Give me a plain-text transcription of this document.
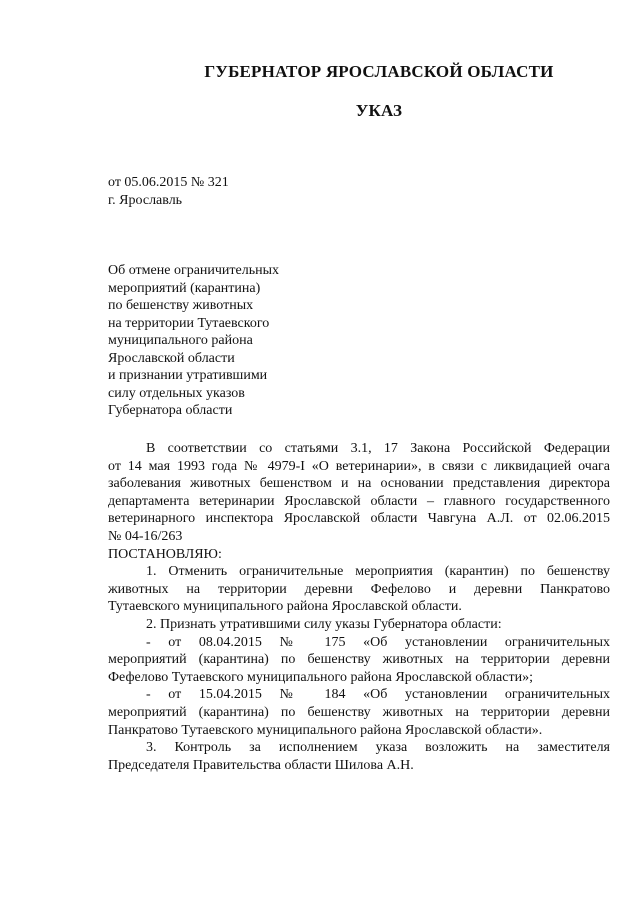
ГУБЕРНАТОР ЯРОСЛАВСКОЙ ОБЛАСТИ
УКАЗ
от 05.06.2015 № 321
г. Ярославль
Об отмене ограничительных
мероприятий (карантина)
по бешенству животных
на территории Тутаевского
муниципального района
Ярославской области
и признании утратившими
силу отдельных указов
Губернатора области
В соответствии со статьями 3.1, 17 Закона Российской Федерации
от 14 мая 1993 года № 4979-I «О ветеринарии», в связи с ликвидацией очага
заболевания животных бешенством и на основании представления директора
департамента ветеринарии Ярославской области – главного государственного
ветеринарного инспектора Ярославской области Чавгуна А.Л. от 02.06.2015
№ 04-16/263
ПОСТАНОВЛЯЮ:
1. Отменить ограничительные мероприятия (карантин) по бешенству
животных на территории деревни Фефелово и деревни Панкратово
Тутаевского муниципального района Ярославской области.
2. Признать утратившими силу указы Губернатора области:
- от 08.04.2015 № 175 «Об установлении ограничительных
мероприятий (карантина) по бешенству животных на территории деревни
Фефелово Тутаевского муниципального района Ярославской области»;
- от 15.04.2015 № 184 «Об установлении ограничительных
мероприятий (карантина) по бешенству животных на территории деревни
Панкратово Тутаевского муниципального района Ярославской области».
3. Контроль за исполнением указа возложить на заместителя
Председателя Правительства области Шилова А.Н.
